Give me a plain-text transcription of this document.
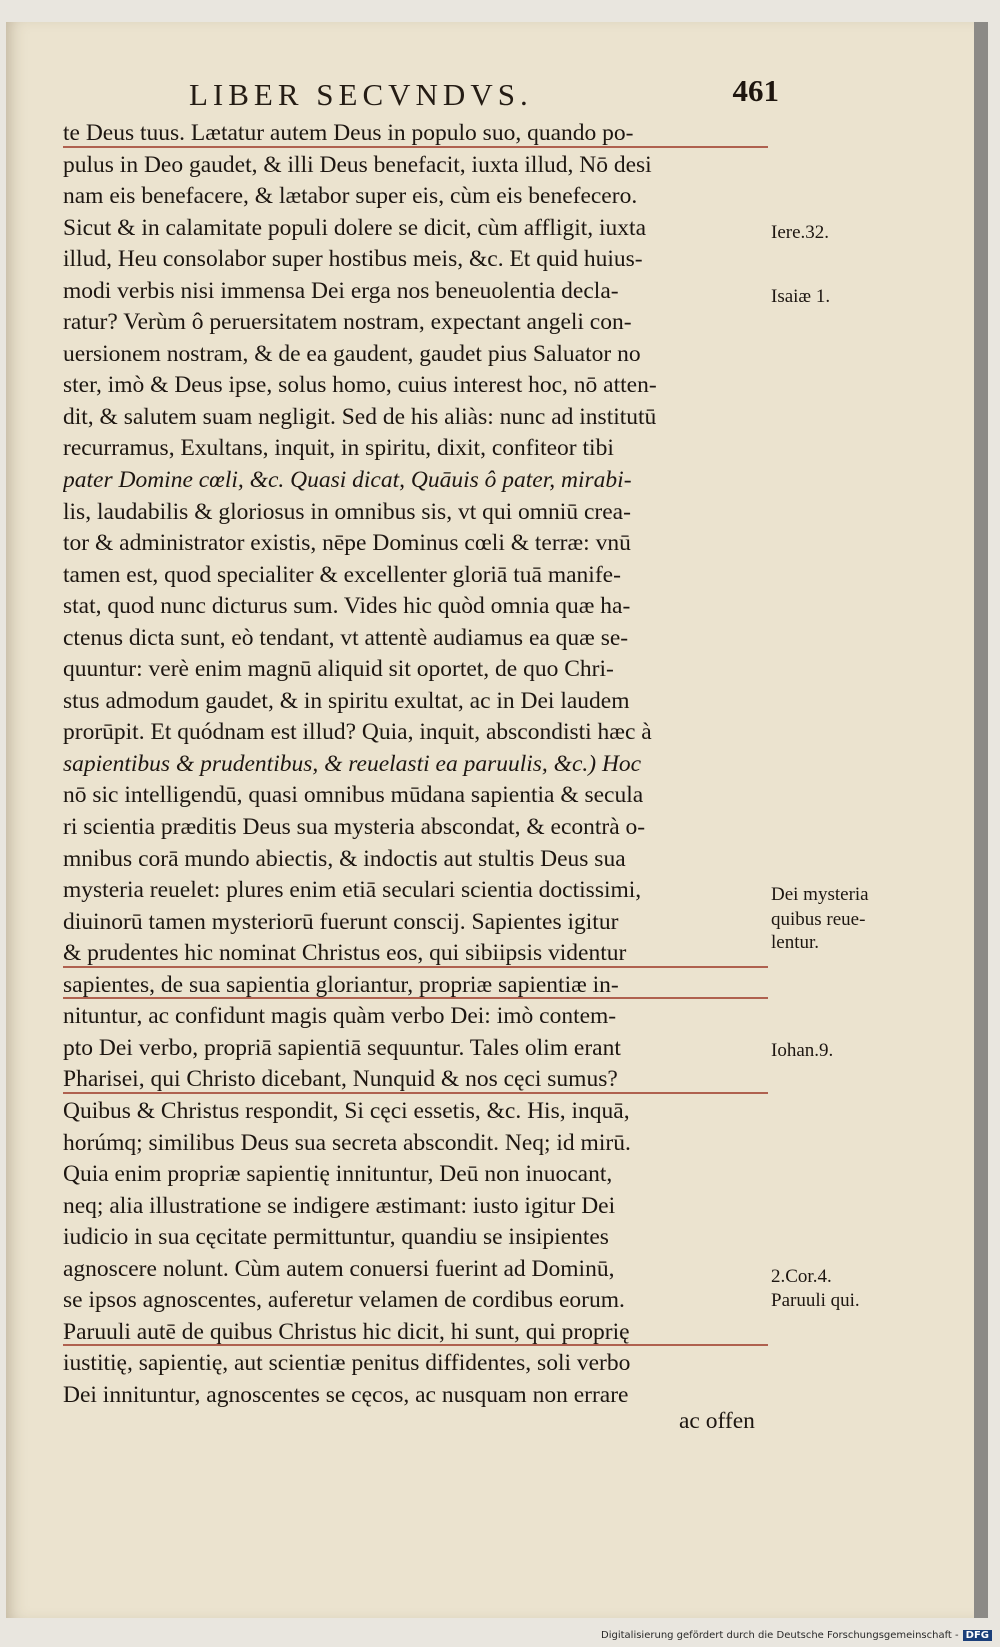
LIBER SECVNDVS.	461
te Deus tuus. Lætatur autem Deus in populo suo, quando po-
pulus in Deo gaudet, & illi Deus benefacit, iuxta illud, Nō desi
nam eis benefacere, & lætabor super eis, cùm eis benefecero.
Sicut & in calamitate populi dolere se dicit, cùm affligit, iuxta
illud, Heu consolabor super hostibus meis, &c. Et quid huius-
modi verbis nisi immensa Dei erga nos beneuolentia decla-
ratur? Verùm ô peruersitatem nostram, expectant angeli con-
uersionem nostram, & de ea gaudent, gaudet pius Saluator no
ster, imò & Deus ipse, solus homo, cuius interest hoc, nō atten-
dit, & salutem suam negligit. Sed de his aliàs: nunc ad institutū
recurramus, Exultans, inquit, in spiritu, dixit, confiteor tibi
pater Domine cœli, &c. Quasi dicat, Quāuis ô pater, mirabi-
lis, laudabilis & gloriosus in omnibus sis, vt qui omniū crea-
tor & administrator existis, nēpe Dominus cœli & terræ: vnū
tamen est, quod specialiter & excellenter gloriā tuā manife-
stat, quod nunc dicturus sum. Vides hic quòd omnia quæ ha-
ctenus dicta sunt, eò tendant, vt attentè audiamus ea quæ se-
quuntur: verè enim magnū aliquid sit oportet, de quo Chri-
stus admodum gaudet, & in spiritu exultat, ac in Dei laudem
prorūpit. Et quódnam est illud? Quia, inquit, abscondisti hæc à
sapientibus & prudentibus, & reuelasti ea paruulis, &c.) Hoc
nō sic intelligendū, quasi omnibus mūdana sapientia & secula
ri scientia præditis Deus sua mysteria abscondat, & econtrà o-
mnibus corā mundo abiectis, & indoctis aut stultis Deus sua
mysteria reuelet: plures enim etiā seculari scientia doctissimi,
diuinorū tamen mysteriorū fuerunt conscij. Sapientes igitur
& prudentes hic nominat Christus eos, qui sibiipsis videntur
sapientes, de sua sapientia gloriantur, propriæ sapientiæ in-
nituntur, ac confidunt magis quàm verbo Dei: imò contem-
pto Dei verbo, propriā sapientiā sequuntur. Tales olim erant
Pharisei, qui Christo dicebant, Nunquid & nos cęci sumus?
Quibus & Christus respondit, Si cęci essetis, &c. His, inquā,
horúmq; similibus Deus sua secreta abscondit. Neq; id mirū.
Quia enim propriæ sapientię innituntur, Deū non inuocant,
neq; alia illustratione se indigere æstimant: iusto igitur Dei
iudicio in sua cęcitate permittuntur, quandiu se insipientes
agnoscere nolunt. Cùm autem conuersi fuerint ad Dominū,
se ipsos agnoscentes, auferetur velamen de cordibus eorum.
Paruuli autē de quibus Christus hic dicit, hi sunt, qui proprię
iustitię, sapientię, aut scientiæ penitus diffidentes, soli verbo
Dei innituntur, agnoscentes se cęcos, ac nusquam non errare
Iere.32.
Isaiæ 1.
Dei mysteria
quibus reue-
lentur.
Iohan.9.
2.Cor.4.
Paruuli qui.
ac offen
Digitalisierung gefördert durch die Deutsche Forschungsgemeinschaft - DFG
